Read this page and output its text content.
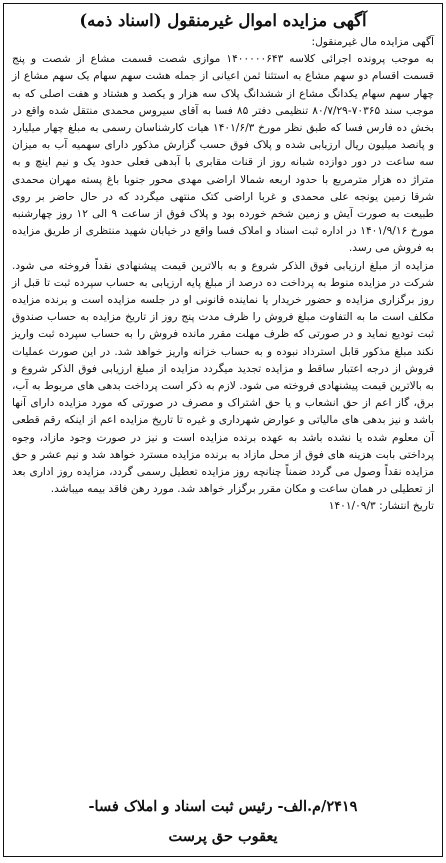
آگهی مزایده اموال غیرمنقول (اسناد ذمه)

آگهی مزایده مال غیرمنقول:

به موجب پرونده اجرائی کلاسه ۱۴۰۰۰۰۰۶۴۳ موازی شصت قسمت مشاع از شصت و پنج قسمت اقسام دو سهم مشاع به استثنا ثمن اعیانی از جمله هشت سهم سهام یک سهم مشاع از چهار سهم سهام یکدانگ مشاع از ششدانگ پلاک سه هزار و یکصد و هشتاد و هفت اصلی که به موجب سند ۷۰۳۶۵-۸۰/۷/۲۹ تنظیمی دفتر ۸۵ فسا به آقای سیروس محمدی منتقل شده واقع در بخش ده فارس فسا که طبق نظر مورخ ۱۴۰۱/۶/۳ هیات کارشناسان رسمی به مبلغ چهار میلیارد و پانصد میلیون ریال ارزیابی شده و پلاک فوق حسب گزارش مذکور دارای سهمیه آب به میزان سه ساعت در دور دوازده شبانه روز از قنات مقابری با آبدهی فعلی حدود یک و نیم اینچ و به متراژ ده هزار مترمربع با حدود اربعه شمالا اراضی مهدی محور جنوبا باغ پسته مهران محمدی شرقا زمین یونجه علی محمدی و غربا اراضی کتک منتهی میگردد که در حال حاضر بر روی طبیعت به صورت آیش و زمین شخم خورده بود و پلاک فوق از ساعت ۹ الی ۱۲ روز چهارشنبه مورخ ۱۴۰۱/۹/۱۶ در اداره ثبت اسناد و املاک فسا واقع در خیابان شهید منتظری از طریق مزایده به فروش می رسد.

مزایده از مبلغ ارزیابی فوق الذکر شروع و به بالاترین قیمت پیشنهادی نقداً فروخته می شود. شرکت در مزایده منوط به پرداخت ده درصد از مبلغ پایه ارزیابی به حساب سپرده ثبت تا قبل از روز برگزاری مزایده و حضور خریدار یا نماینده قانونی او در جلسه مزایده است و برنده مزایده مکلف است ما به التفاوت مبلغ فروش را ظرف مدت پنج روز از تاریخ مزایده به حساب صندوق ثبت تودیع نماید و در صورتی که ظرف مهلت مقرر مانده فروش را به حساب سپرده ثبت واریز نکند مبلغ مذکور قابل استرداد نبوده و به حساب خزانه واریز خواهد شد. در این صورت عملیات فروش از درجه اعتبار ساقط و مزایده تجدید میگردد مزایده از مبلغ ارزیابی فوق الذکر شروع و به بالاترین قیمت پیشنهادی فروخته می شود. لازم به ذکر است پرداخت بدهی های مربوط به آب، برق، گاز اعم از حق انشعاب و یا حق اشتراک و مصرف در صورتی که مورد مزایده دارای آنها باشد و نیز بدهی های مالیاتی و عوارض شهرداری و غیره تا تاریخ مزایده اعم از اینکه رقم قطعی آن معلوم شده یا نشده باشد به عهده برنده مزایده است و نیز در صورت وجود مازاد، وجوه پرداختی بابت هزینه های فوق از محل مازاد به برنده مزایده مسترد خواهد شد و نیم عشر و حق مزایده نقداً وصول می گردد ضمناً چنانچه روز مزایده تعطیل رسمی گردد، مزایده روز اداری بعد از تعطیلی در همان ساعت و مکان مقرر برگزار خواهد شد. مورد رهن فاقد بیمه میباشد.

تاریخ انتشار: ۱۴۰۱/۰۹/۳

۲۴۱۹/م.الف- رئیس ثبت اسناد و املاک فسا-
یعقوب حق پرست
